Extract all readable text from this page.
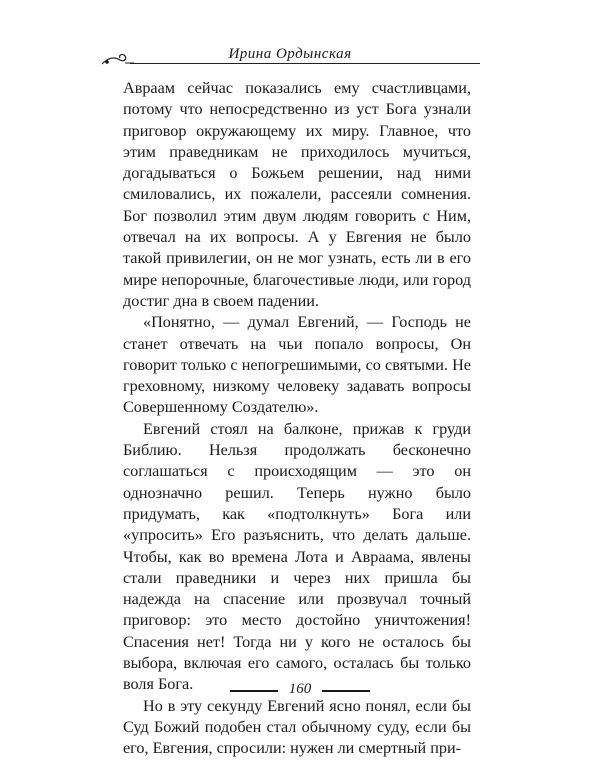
Ирина Ордынская

Авраам сейчас показались ему счастливцами, потому что непосредственно из уст Бога узнали приговор окружающему их миру. Главное, что этим праведникам не приходилось мучиться, догадываться о Божьем решении, над ними смиловались, их пожалели, рассеяли сомнения. Бог позволил этим двум людям говорить с Ним, отвечал на их вопросы. А у Евгения не было такой привилегии, он не мог узнать, есть ли в его мире непорочные, благочестивые люди, или город достиг дна в своем падении.

«Понятно, — думал Евгений, — Господь не станет отвечать на чьи попало вопросы, Он говорит только с непогрешимыми, со святыми. Не греховному, низкому человеку задавать вопросы Совершенному Создателю».

Евгений стоял на балконе, прижав к груди Библию. Нельзя продолжать бесконечно соглашаться с происходящим — это он однозначно решил. Теперь нужно было придумать, как «подтолкнуть» Бога или «упросить» Его разъяснить, что делать дальше. Чтобы, как во времена Лота и Авраама, явлены стали праведники и через них пришла бы надежда на спасение или прозвучал точный приговор: это место достойно уничтожения! Спасения нет! Тогда ни у кого не осталось бы выбора, включая его самого, осталась бы только воля Бога.

Но в эту секунду Евгений ясно понял, если бы Суд Божий подобен стал обычному суду, если бы его, Евгения, спросили: нужен ли смертный при-

160
